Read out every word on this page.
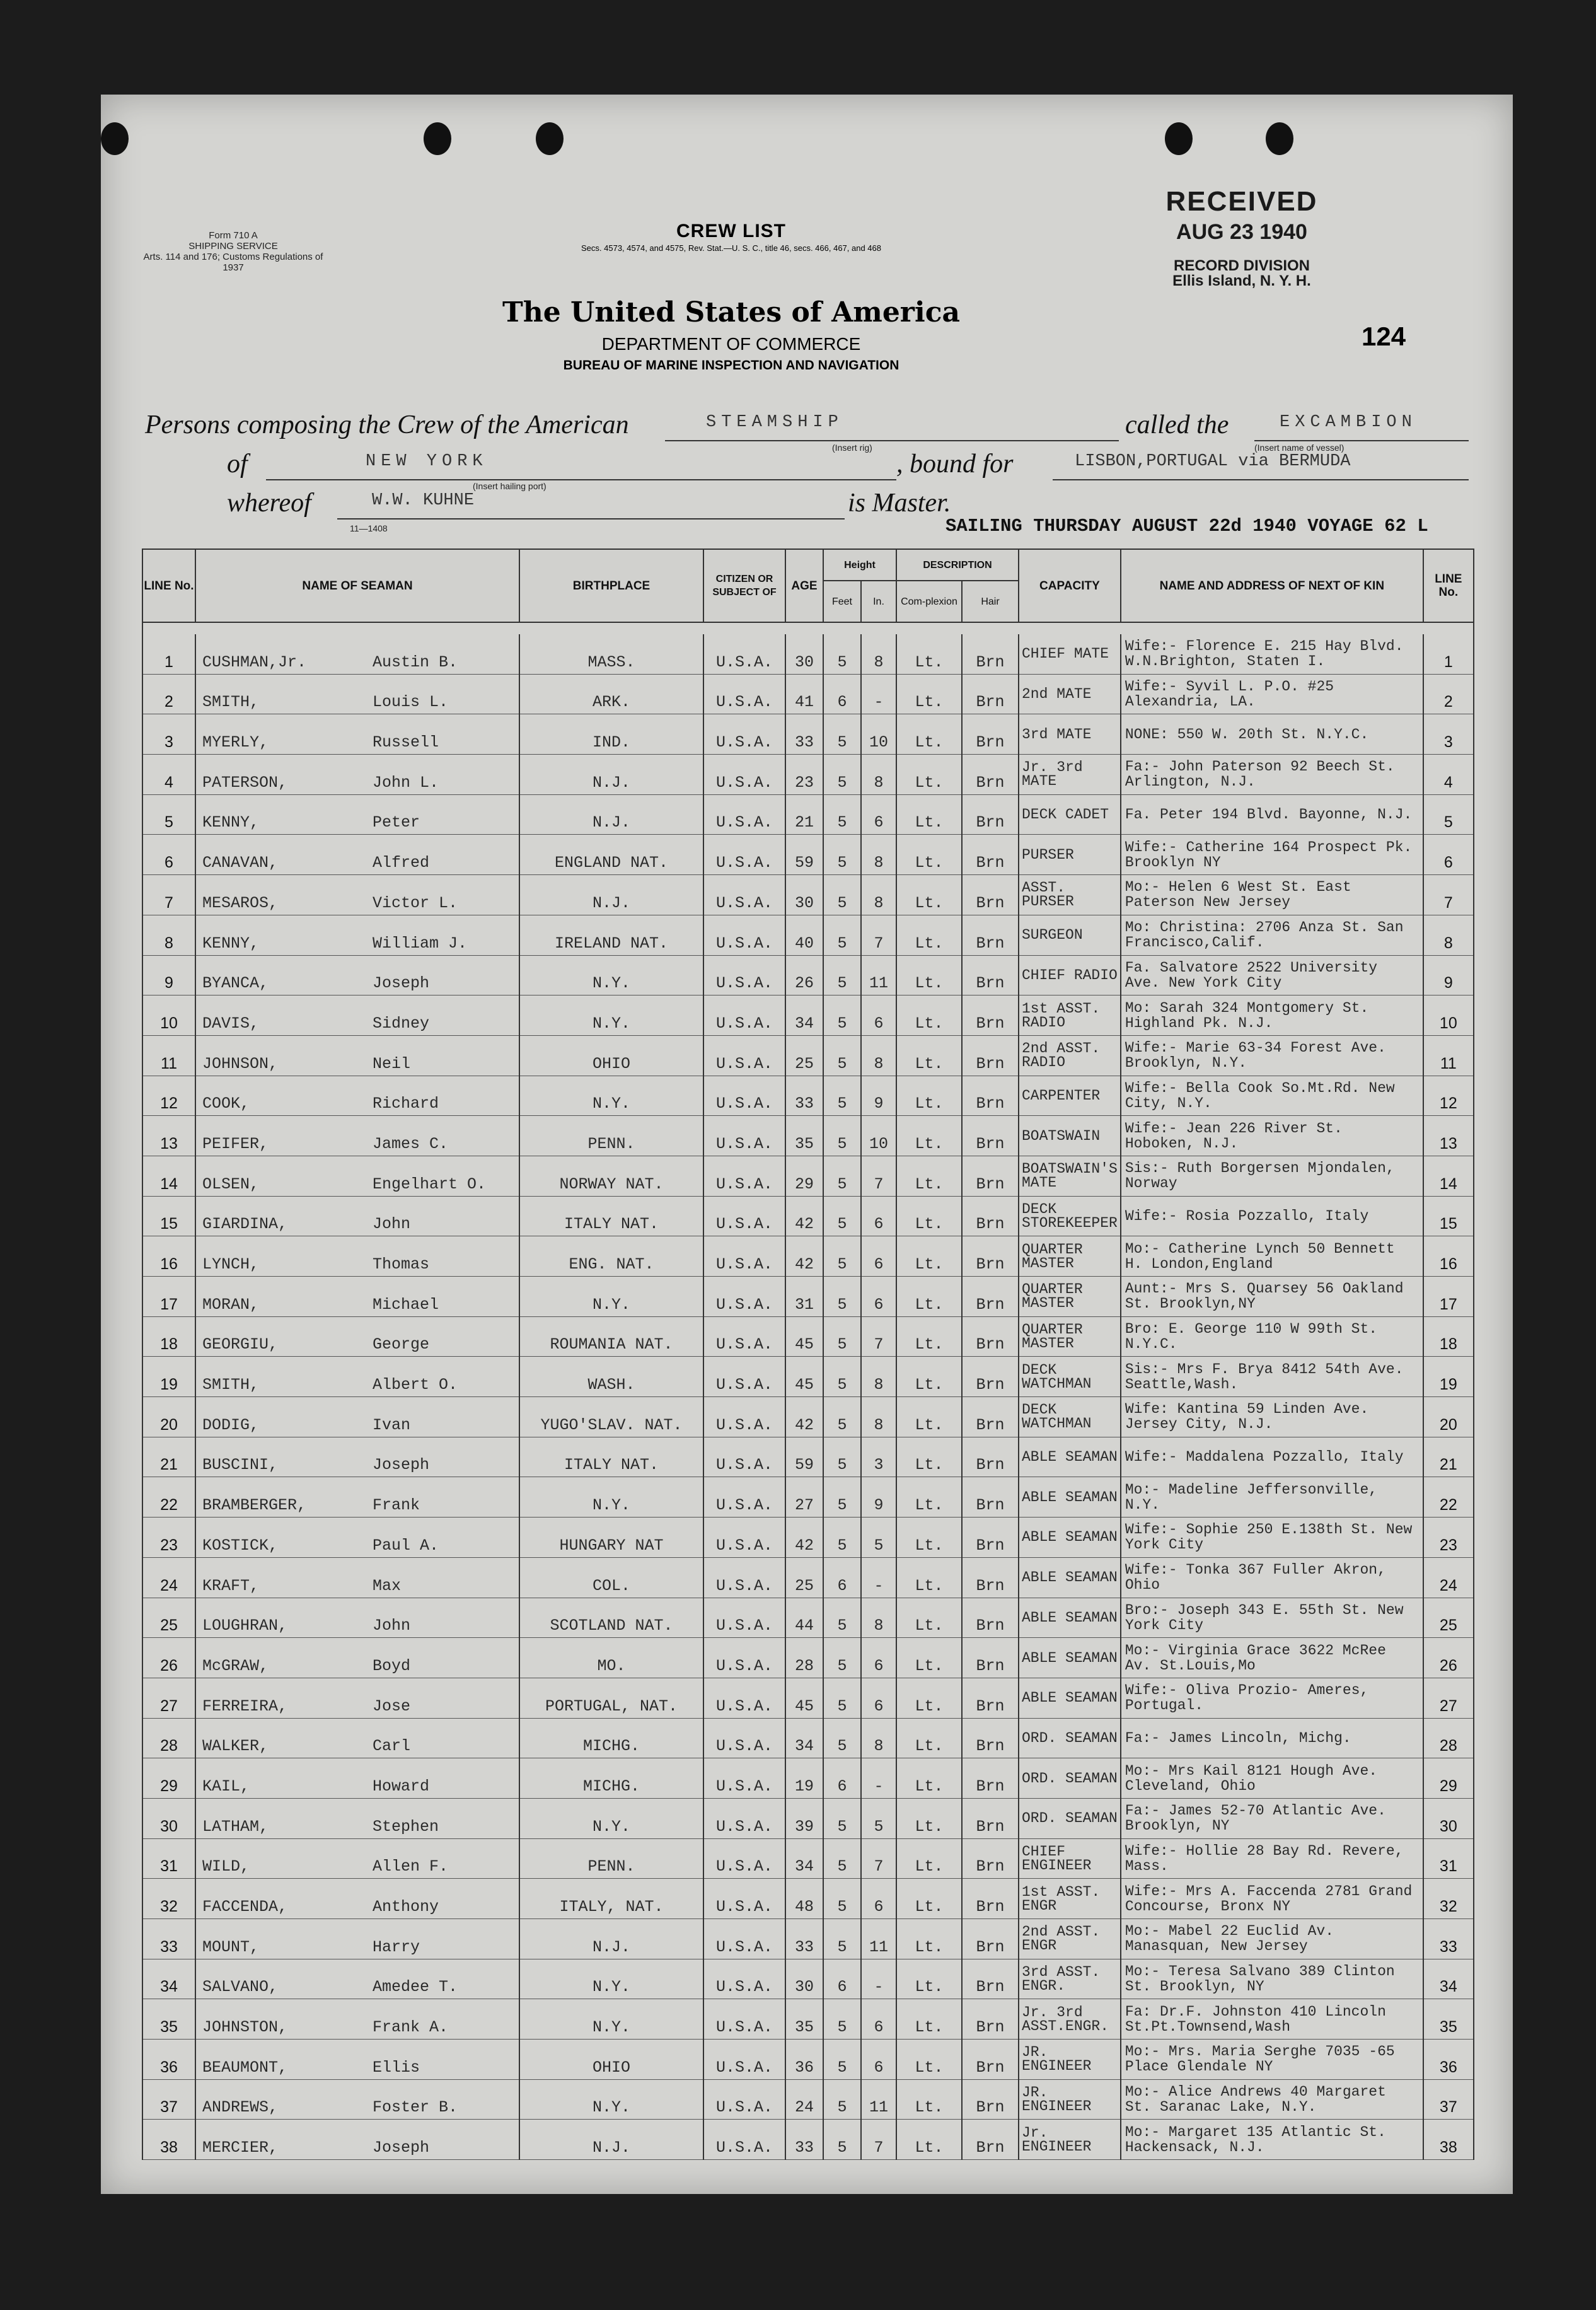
Form 710 A
SHIPPING SERVICE
Arts. 114 and 176; Customs Regulations of 1937
CREW LIST
Secs. 4573, 4574, and 4575, Rev. Stat.—U. S. C., title 46, secs. 466, 467, and 468
The United States of America
DEPARTMENT OF COMMERCE
BUREAU OF MARINE INSPECTION AND NAVIGATION
RECEIVED
AUG 23 1940
RECORD DIVISION
Ellis Island, N. Y. H.
124
Persons composing the Crew of the American	STEAMSHIP
(Insert rig)
called the	EXCAMBION
(Insert name of vessel)
of	NEW YORK
(Insert hailing port)
, bound for	LISBON,PORTUGAL via BERMUDA
whereof	W.W. KUHNE
11—1408
is Master.
SAILING THURSDAY AUGUST 22d 1940 VOYAGE 62 L
LINE No.	NAME OF SEAMAN	BIRTHPLACE	CITIZEN OR SUBJECT OF	AGE	Height		DESCRIPTION		CAPACITY	NAME AND ADDRESS OF NEXT OF KIN	LINE No.
					Feet	In.	Com-plexion	Hair			

1	CUSHMAN,Jr. Austin B.	MASS.	U.S.A.	30	5	8	Lt.	Brn	CHIEF MATE	Wife:- Florence E. 215 Hay Blvd. W.N.Brighton, Staten I.	1
2	SMITH, Louis L.	ARK.	U.S.A.	41	6	-	Lt.	Brn	2nd MATE	Wife:- Syvil L. P.O. #25 Alexandria, LA.	2
3	MYERLY, Russell	IND.	U.S.A.	33	5	10	Lt.	Brn	3rd MATE	NONE: 550 W. 20th St. N.Y.C.	3
4	PATERSON, John L.	N.J.	U.S.A.	23	5	8	Lt.	Brn	Jr. 3rd MATE	Fa:- John Paterson 92 Beech St. Arlington, N.J.	4
5	KENNY, Peter	N.J.	U.S.A.	21	5	6	Lt.	Brn	DECK CADET	Fa. Peter 194 Blvd. Bayonne, N.J.	5
6	CANAVAN, Alfred	ENGLAND NAT.	U.S.A.	59	5	8	Lt.	Brn	PURSER	Wife:- Catherine 164 Prospect Pk. Brooklyn NY	6
7	MESAROS, Victor L.	N.J.	U.S.A.	30	5	8	Lt.	Brn	ASST. PURSER	Mo:- Helen 6 West St. East Paterson New Jersey	7
8	KENNY, William J.	IRELAND NAT.	U.S.A.	40	5	7	Lt.	Brn	SURGEON	Mo: Christina: 2706 Anza St. San Francisco,Calif.	8
9	BYANCA, Joseph	N.Y.	U.S.A.	26	5	11	Lt.	Brn	CHIEF RADIO	Fa. Salvatore 2522 University Ave. New York City	9
10	DAVIS, Sidney	N.Y.	U.S.A.	34	5	6	Lt.	Brn	1st ASST. RADIO	Mo: Sarah 324 Montgomery St. Highland Pk. N.J.	10
11	JOHNSON, Neil	OHIO	U.S.A.	25	5	8	Lt.	Brn	2nd ASST. RADIO	Wife:- Marie 63-34 Forest Ave. Brooklyn, N.Y.	11
12	COOK, Richard	N.Y.	U.S.A.	33	5	9	Lt.	Brn	CARPENTER	Wife:- Bella Cook So.Mt.Rd. New City, N.Y.	12
13	PEIFER, James C.	PENN.	U.S.A.	35	5	10	Lt.	Brn	BOATSWAIN	Wife:- Jean 226 River St. Hoboken, N.J.	13
14	OLSEN, Engelhart O.	NORWAY NAT.	U.S.A.	29	5	7	Lt.	Brn	BOATSWAIN'S MATE	Sis:- Ruth Borgersen Mjondalen, Norway	14
15	GIARDINA, John	ITALY NAT.	U.S.A.	42	5	6	Lt.	Brn	DECK STOREKEEPER	Wife:- Rosia Pozzallo, Italy	15
16	LYNCH, Thomas	ENG. NAT.	U.S.A.	42	5	6	Lt.	Brn	QUARTER MASTER	Mo:- Catherine Lynch 50 Bennett H. London,England	16
17	MORAN, Michael	N.Y.	U.S.A.	31	5	6	Lt.	Brn	QUARTER MASTER	Aunt:- Mrs S. Quarsey 56 Oakland St. Brooklyn,NY	17
18	GEORGIU, George	ROUMANIA NAT.	U.S.A.	45	5	7	Lt.	Brn	QUARTER MASTER	Bro: E. George 110 W 99th St. N.Y.C.	18
19	SMITH, Albert O.	WASH.	U.S.A.	45	5	8	Lt.	Brn	DECK WATCHMAN	Sis:- Mrs F. Brya 8412 54th Ave. Seattle,Wash.	19
20	DODIG, Ivan	YUGO'SLAV. NAT.	U.S.A.	42	5	8	Lt.	Brn	DECK WATCHMAN	Wife: Kantina 59 Linden Ave. Jersey City, N.J.	20
21	BUSCINI, Joseph	ITALY NAT.	U.S.A.	59	5	3	Lt.	Brn	ABLE SEAMAN	Wife:- Maddalena Pozzallo, Italy	21
22	BRAMBERGER, Frank	N.Y.	U.S.A.	27	5	9	Lt.	Brn	ABLE SEAMAN	Mo:- Madeline Jeffersonville, N.Y.	22
23	KOSTICK, Paul A.	HUNGARY NAT	U.S.A.	42	5	5	Lt.	Brn	ABLE SEAMAN	Wife:- Sophie 250 E.138th St. New York City	23
24	KRAFT, Max	COL.	U.S.A.	25	6	-	Lt.	Brn	ABLE SEAMAN	Wife:- Tonka 367 Fuller Akron, Ohio	24
25	LOUGHRAN, John	SCOTLAND NAT.	U.S.A.	44	5	8	Lt.	Brn	ABLE SEAMAN	Bro:- Joseph 343 E. 55th St. New York City	25
26	McGRAW, Boyd	MO.	U.S.A.	28	5	6	Lt.	Brn	ABLE SEAMAN	Mo:- Virginia Grace 3622 McRee Av. St.Louis,Mo	26
27	FERREIRA, Jose	PORTUGAL, NAT.	U.S.A.	45	5	6	Lt.	Brn	ABLE SEAMAN	Wife:- Oliva Prozio- Ameres, Portugal.	27
28	WALKER, Carl	MICHG.	U.S.A.	34	5	8	Lt.	Brn	ORD. SEAMAN	Fa:- James Lincoln, Michg.	28
29	KAIL, Howard	MICHG.	U.S.A.	19	6	-	Lt.	Brn	ORD. SEAMAN	Mo:- Mrs Kail 8121 Hough Ave. Cleveland, Ohio	29
30	LATHAM, Stephen	N.Y.	U.S.A.	39	5	5	Lt.	Brn	ORD. SEAMAN	Fa:- James 52-70 Atlantic Ave. Brooklyn, NY	30
31	WILD, Allen F.	PENN.	U.S.A.	34	5	7	Lt.	Brn	CHIEF ENGINEER	Wife:- Hollie 28 Bay Rd. Revere, Mass.	31
32	FACCENDA, Anthony	ITALY, NAT.	U.S.A.	48	5	6	Lt.	Brn	1st ASST. ENGR	Wife:- Mrs A. Faccenda 2781 Grand Concourse, Bronx NY	32
33	MOUNT, Harry	N.J.	U.S.A.	33	5	11	Lt.	Brn	2nd ASST. ENGR	Mo:- Mabel 22 Euclid Av. Manasquan, New Jersey	33
34	SALVANO, Amedee T.	N.Y.	U.S.A.	30	6	-	Lt.	Brn	3rd ASST. ENGR.	Mo:- Teresa Salvano 389 Clinton St. Brooklyn, NY	34
35	JOHNSTON, Frank A.	N.Y.	U.S.A.	35	5	6	Lt.	Brn	Jr. 3rd ASST.ENGR.	Fa: Dr.F. Johnston 410 Lincoln St.Pt.Townsend,Wash	35
36	BEAUMONT, Ellis	OHIO	U.S.A.	36	5	6	Lt.	Brn	JR. ENGINEER	Mo:- Mrs. Maria Serghe 7035 -65 Place Glendale NY	36
37	ANDREWS, Foster B.	N.Y.	U.S.A.	24	5	11	Lt.	Brn	JR. ENGINEER	Mo:- Alice Andrews 40 Margaret St. Saranac Lake, N.Y.	37
38	MERCIER, Joseph	N.J.	U.S.A.	33	5	7	Lt.	Brn	Jr. ENGINEER	Mo:- Margaret 135 Atlantic St. Hackensack, N.J.	38
